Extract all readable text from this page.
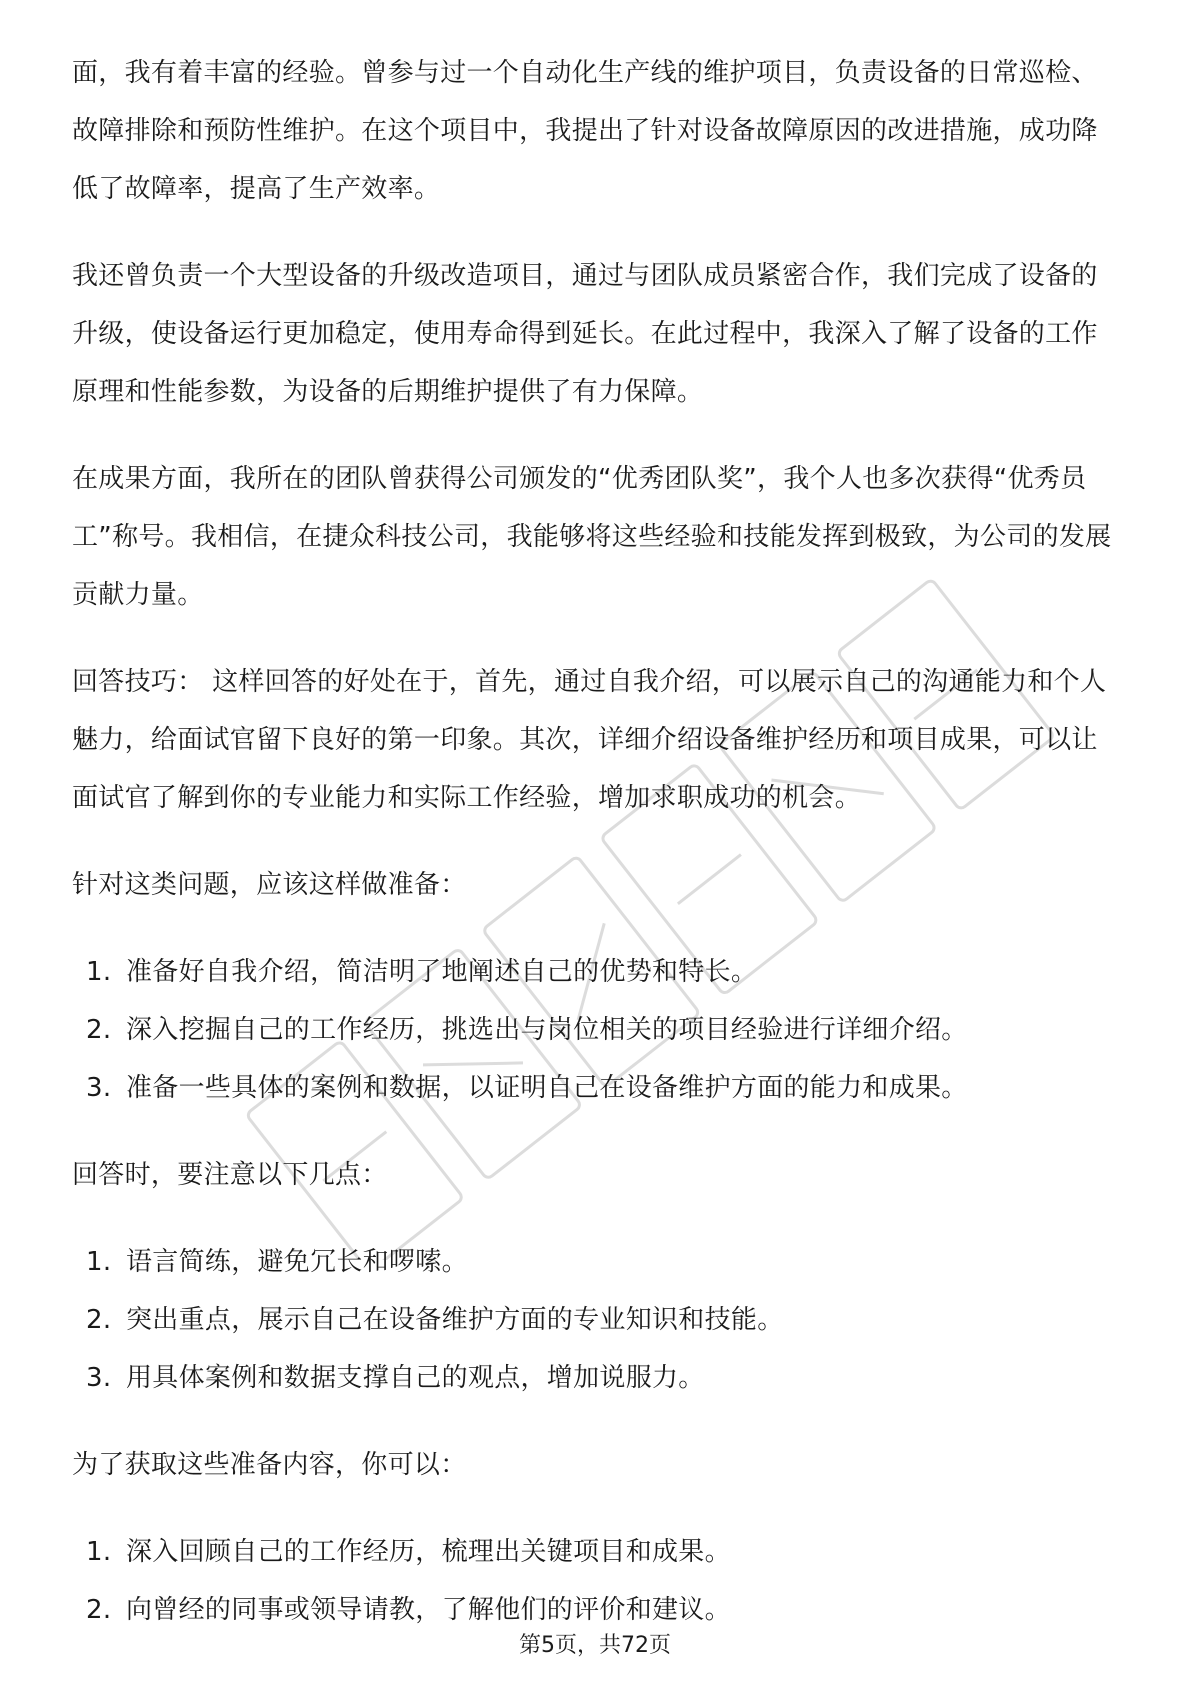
面，我有着丰富的经验。曾参与过一个自动化生产线的维护项目，负责设备的日常巡检、故障排除和预防性维护。在这个项目中，我提出了针对设备故障原因的改进措施，成功降低了故障率，提高了生产效率。

我还曾负责一个大型设备的升级改造项目，通过与团队成员紧密合作，我们完成了设备的升级，使设备运行更加稳定，使用寿命得到延长。在此过程中，我深入了解了设备的工作原理和性能参数，为设备的后期维护提供了有力保障。

在成果方面，我所在的团队曾获得公司颁发的“优秀团队奖”，我个人也多次获得“优秀员工”称号。我相信，在捷众科技公司，我能够将这些经验和技能发挥到极致，为公司的发展贡献力量。

回答技巧： 这样回答的好处在于，首先，通过自我介绍，可以展示自己的沟通能力和个人魅力，给面试官留下良好的第一印象。其次，详细介绍设备维护经历和项目成果，可以让面试官了解到你的专业能力和实际工作经验，增加求职成功的机会。

针对这类问题，应该这样做准备：

1. 准备好自我介绍，简洁明了地阐述自己的优势和特长。
2. 深入挖掘自己的工作经历，挑选出与岗位相关的项目经验进行详细介绍。
3. 准备一些具体的案例和数据，以证明自己在设备维护方面的能力和成果。

回答时，要注意以下几点：

1. 语言简练，避免冗长和啰嗦。
2. 突出重点，展示自己在设备维护方面的专业知识和技能。
3. 用具体案例和数据支撑自己的观点，增加说服力。

为了获取这些准备内容，你可以：

1. 深入回顾自己的工作经历，梳理出关键项目和成果。
2. 向曾经的同事或领导请教，了解他们的评价和建议。
第5页，共72页
